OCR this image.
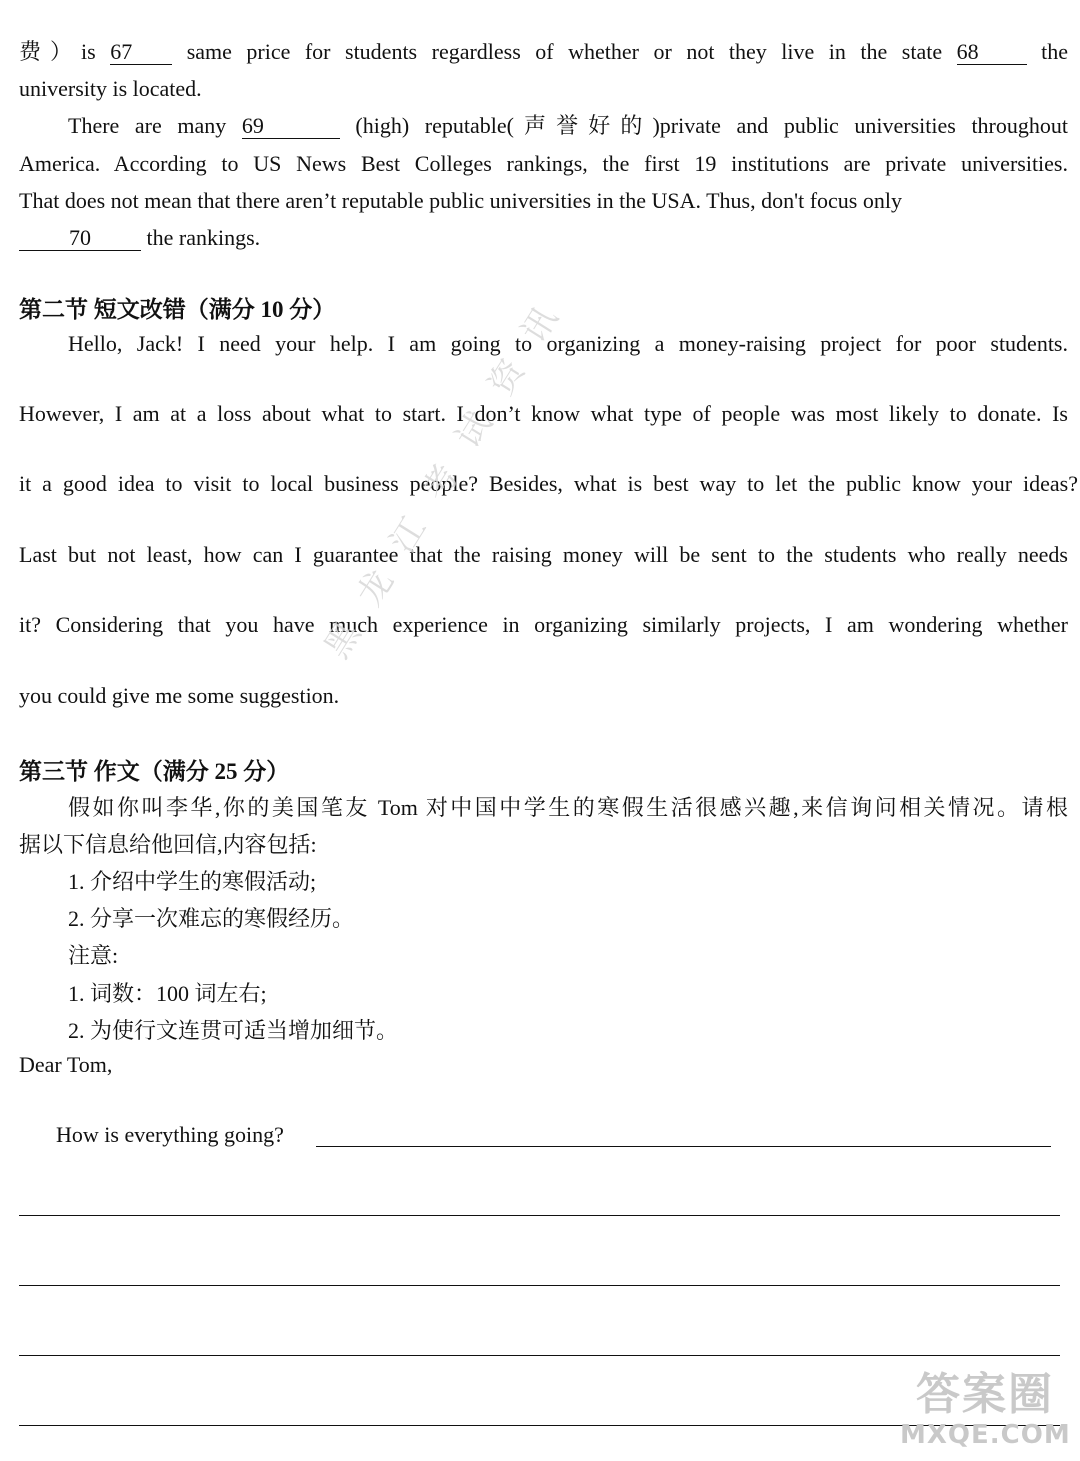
费）is 67 same price for students regardless of whether or not they live in the state 68 the
university is located.
There are many 69	(high) reputable(声誉好的)private and public universities throughout
America. According to US News Best Colleges rankings, the first 19 institutions are private universities.
That does not mean that there aren’t reputable public universities in the USA. Thus, don't focus only
70 the rankings.
第二节 短文改错（满分 10 分）
Hello, Jack! I need your help. I am going to organizing a money-raising project for poor students.
However, I am at a loss about what to start. I don’t know what type of people was most likely to donate. Is
it a good idea to visit to local business people? Besides, what is best way to let the public know your ideas?
Last but not least, how can I guarantee that the raising money will be sent to the students who really needs
it? Considering that you have much experience in organizing similarly projects, I am wondering whether
you could give me some suggestion.
第三节 作文（满分 25 分）
假如你叫李华,你的美国笔友 Tom 对中国中学生的寒假生活很感兴趣,来信询问相关情况。请根
据以下信息给他回信,内容包括:
1. 介绍中学生的寒假活动;
2. 分享一次难忘的寒假经历。
注意:
1. 词数：100 词左右;
2. 为使行文连贯可适当增加细节。
Dear Tom,
How is everything going?
黑龙江考试资讯
答案圈
MXQE.COM
